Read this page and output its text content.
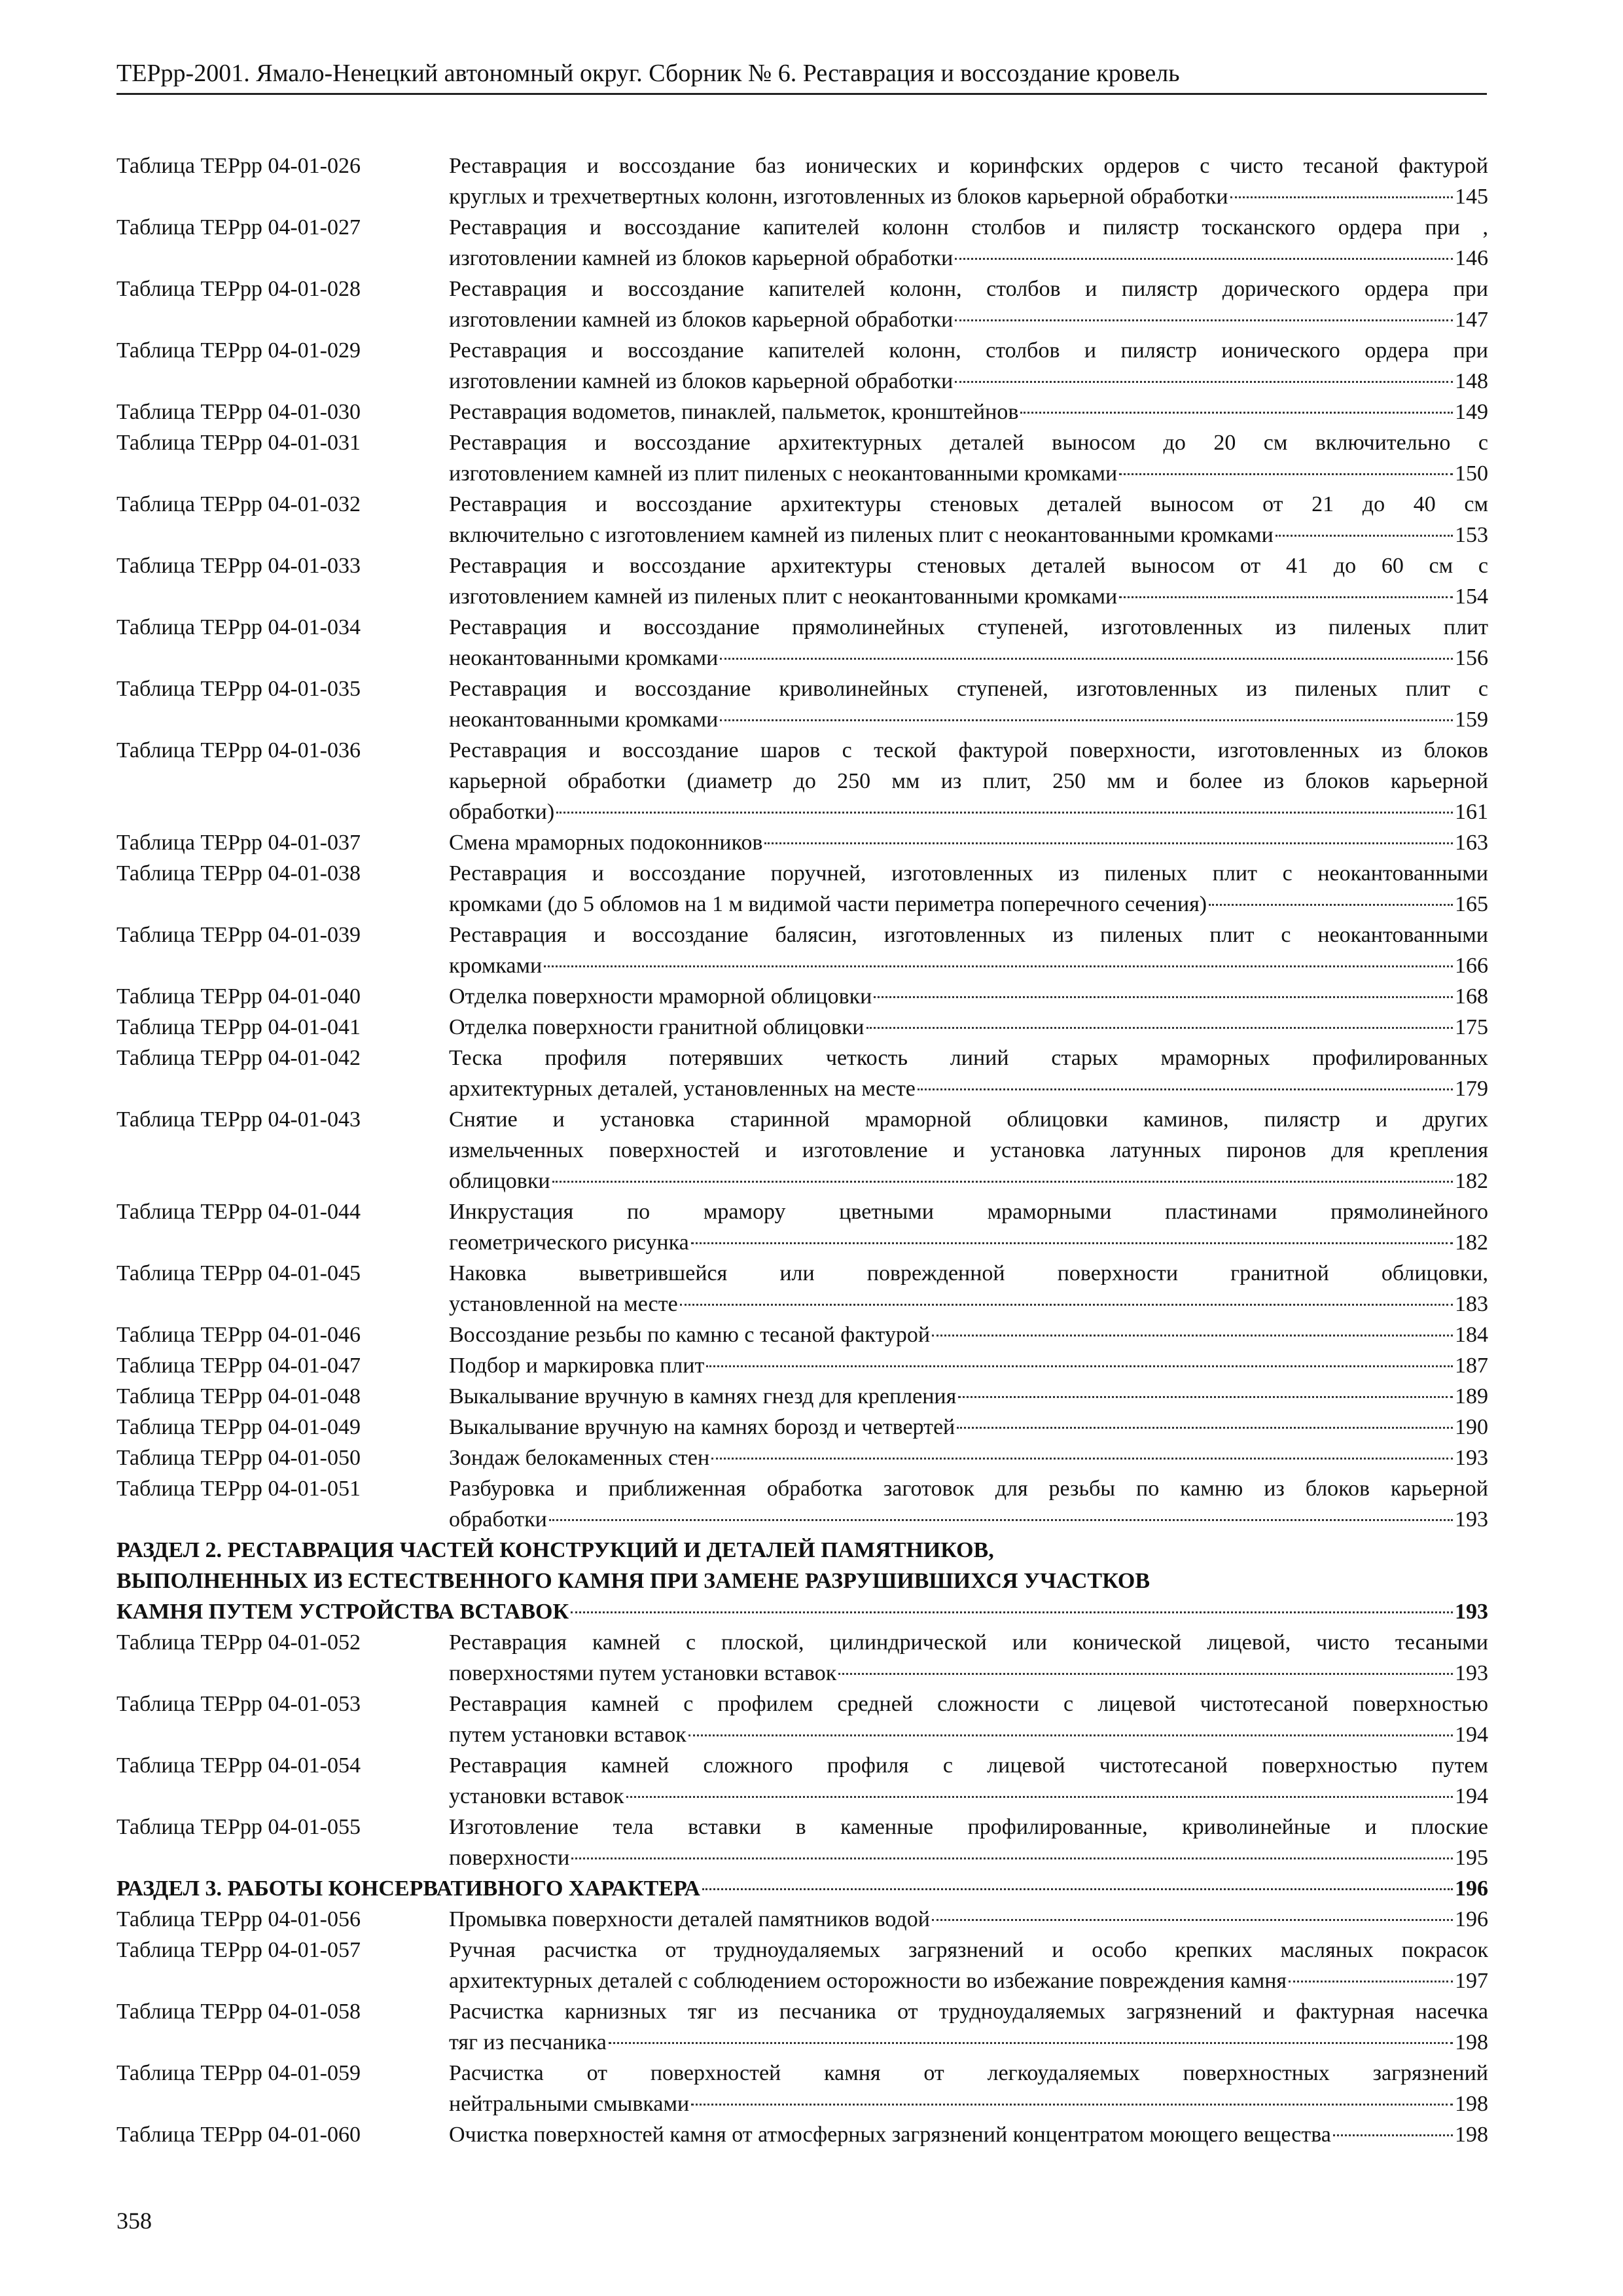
ТЕРрр-2001. Ямало-Ненецкий автономный округ. Сборник № 6. Реставрация и воссоздание кровель
Таблица ТЕРрр 04-01-026	Реставрация и воссоздание баз ионических и коринфских ордеров с чисто тесаной фактурой
круглых и трехчетвертных колонн, изготовленных из блоков карьерной обработки	145
Таблица ТЕРрр 04-01-027	Реставрация и воссоздание капителей колонн столбов и пилястр тосканского ордера при ,
изготовлении камней из блоков карьерной обработки	146
Таблица ТЕРрр 04-01-028	Реставрация и воссоздание капителей колонн, столбов и пилястр дорического ордера при
изготовлении камней из блоков карьерной обработки	147
Таблица ТЕРрр 04-01-029	Реставрация и воссоздание капителей колонн, столбов и пилястр ионического ордера при
изготовлении камней из блоков карьерной обработки	148
Таблица ТЕРрр 04-01-030	Реставрация водометов, пинаклей, пальметок, кронштейнов	149
Таблица ТЕРрр 04-01-031	Реставрация и воссоздание архитектурных деталей выносом до 20 см включительно с
изготовлением камней из плит пиленых с неокантованными кромками	150
Таблица ТЕРрр 04-01-032	Реставрация и воссоздание архитектуры стеновых деталей выносом от 21 до 40 см
включительно с изготовлением камней из пиленых плит с неокантованными кромками	153
Таблица ТЕРрр 04-01-033	Реставрация и воссоздание архитектуры стеновых деталей выносом от 41 до 60 см с
изготовлением камней из пиленых плит с неокантованными кромками	154
Таблица ТЕРрр 04-01-034	Реставрация и воссоздание прямолинейных ступеней, изготовленных из пиленых плит
неокантованными кромками	156
Таблица ТЕРрр 04-01-035	Реставрация и воссоздание криволинейных ступеней, изготовленных из пиленых плит с
неокантованными кромками	159
Таблица ТЕРрр 04-01-036	Реставрация и воссоздание шаров с теской фактурой поверхности, изготовленных из блоков
карьерной обработки (диаметр до 250 мм из плит, 250 мм и более из блоков карьерной
обработки)	161
Таблица ТЕРрр 04-01-037	Смена мраморных подоконников	163
Таблица ТЕРрр 04-01-038	Реставрация и воссоздание поручней, изготовленных из пиленых плит с неокантованными
кромками (до 5 обломов на 1 м видимой части периметра поперечного сечения)	165
Таблица ТЕРрр 04-01-039	Реставрация и воссоздание балясин, изготовленных из пиленых плит с неокантованными
кромками	166
Таблица ТЕРрр 04-01-040	Отделка поверхности мраморной облицовки	168
Таблица ТЕРрр 04-01-041	Отделка поверхности гранитной облицовки	175
Таблица ТЕРрр 04-01-042	Теска профиля потерявших четкость линий старых мраморных профилированных
архитектурных деталей, установленных на месте	179
Таблица ТЕРрр 04-01-043	Снятие и установка старинной мраморной облицовки каминов, пилястр и других
измельченных поверхностей и изготовление и установка латунных пиронов для крепления
облицовки	182
Таблица ТЕРрр 04-01-044	Инкрустация по мрамору цветными мраморными пластинами прямолинейного
геометрического рисунка	182
Таблица ТЕРрр 04-01-045	Наковка выветрившейся или поврежденной поверхности гранитной облицовки,
установленной на месте	183
Таблица ТЕРрр 04-01-046	Воссоздание резьбы по камню с тесаной фактурой	184
Таблица ТЕРрр 04-01-047	Подбор и маркировка плит	187
Таблица ТЕРрр 04-01-048	Выкалывание вручную в камнях гнезд для крепления	189
Таблица ТЕРрр 04-01-049	Выкалывание вручную на камнях борозд и четвертей	190
Таблица ТЕРрр 04-01-050	Зондаж белокаменных стен	193
Таблица ТЕРрр 04-01-051	Разбуровка и приближенная обработка заготовок для резьбы по камню из блоков карьерной
обработки	193
РАЗДЕЛ 2. РЕСТАВРАЦИЯ ЧАСТЕЙ КОНСТРУКЦИЙ И ДЕТАЛЕЙ ПАМЯТНИКОВ,
ВЫПОЛНЕННЫХ ИЗ ЕСТЕСТВЕННОГО КАМНЯ ПРИ ЗАМЕНЕ РАЗРУШИВШИХСЯ УЧАСТКОВ
КАМНЯ ПУТЕМ УСТРОЙСТВА ВСТАВОК	193
Таблица ТЕРрр 04-01-052	Реставрация камней с плоской, цилиндрической или конической лицевой, чисто тесаными
поверхностями путем установки вставок	193
Таблица ТЕРрр 04-01-053	Реставрация камней с профилем средней сложности с лицевой чистотесаной поверхностью
путем установки вставок	194
Таблица ТЕРрр 04-01-054	Реставрация камней сложного профиля с лицевой чистотесаной поверхностью путем
установки вставок	194
Таблица ТЕРрр 04-01-055	Изготовление тела вставки в каменные профилированные, криволинейные и плоские
поверхности	195
РАЗДЕЛ 3. РАБОТЫ КОНСЕРВАТИВНОГО ХАРАКТЕРА	196
Таблица ТЕРрр 04-01-056	Промывка поверхности деталей памятников водой	196
Таблица ТЕРрр 04-01-057	Ручная расчистка от трудноудаляемых загрязнений и особо крепких масляных покрасок
архитектурных деталей с соблюдением осторожности во избежание повреждения камня	197
Таблица ТЕРрр 04-01-058	Расчистка карнизных тяг из песчаника от трудноудаляемых загрязнений и фактурная насечка
тяг из песчаника	198
Таблица ТЕРрр 04-01-059	Расчистка от поверхностей камня от легкоудаляемых поверхностных загрязнений
нейтральными смывками	198
Таблица ТЕРрр 04-01-060	Очистка поверхностей камня от атмосферных загрязнений концентратом моющего вещества	198
358
